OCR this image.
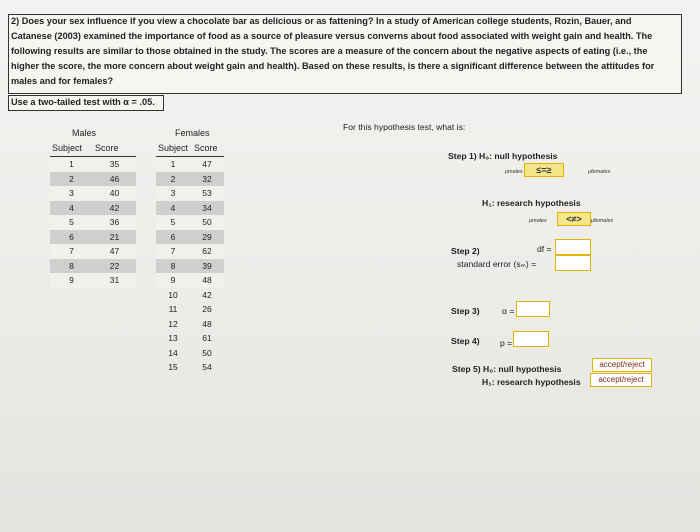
2) Does your sex influence if you view a chocolate bar as delicious or as fattening? In a study of American college students, Rozin, Bauer, and
Catanese (2003) examined the importance of food as a source of pleasure versus converns about food associated with weight gain and health. The
following results are similar to those obtained in the study. The scores are a measure of the concern about the negative aspects of eating (i.e., the
higher the score, the more concern about weight gain and health). Based on these results, is there a significant difference between the attitudes for
males and for females?
Use a two-tailed test with α = .05.
Males
Subject Score
1	35
2	46
3	40
4	42
5	36
6	21
7	47
8	22
9	31
Females
Subject Score
1	47
2	32
3	53
4	34
5	50
6	29
7	62
8	39
9	48
10	42
11	26
12	48
13	61
14	50
15	54
For this hypothesis test, what is:
Step 1) H₀: null hypothesis
μmales	≤=≥	μfemales
H₁: research hypothesis
μmales	<≠>	μfemales
Step 2)	df =
standard error (sₘ) =
Step 3)	α =
Step 4) p =
Step 5) H₀: null hypothesis	accept/reject
H₁: research hypothesis	accept/reject
